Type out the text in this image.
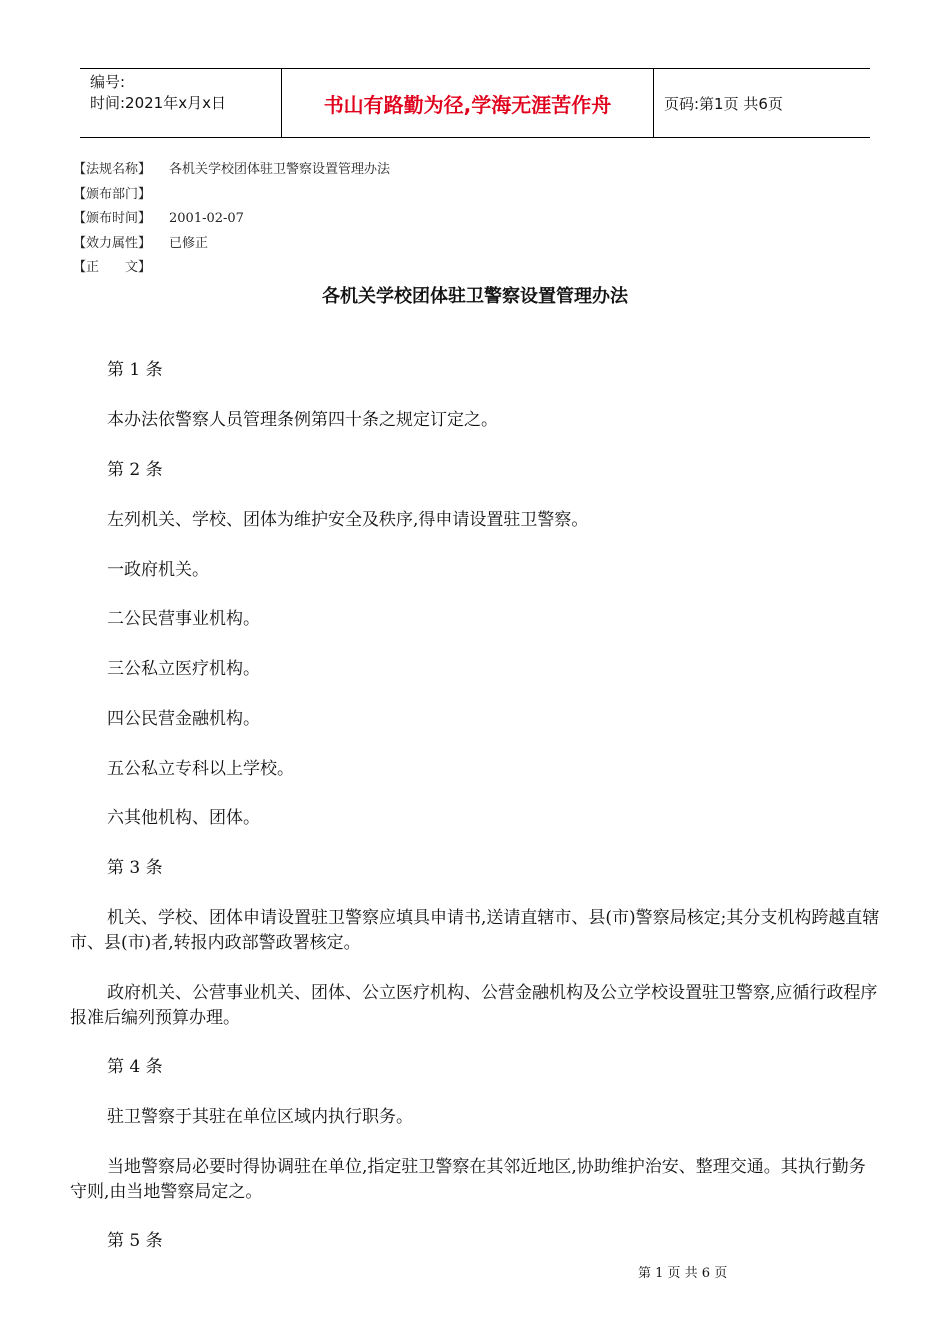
编号:
时间:2021年x月x日	书山有路勤为径,学海无涯苦作舟	页码:第1页 共6页
【法规名称】	各机关学校团体驻卫警察设置管理办法
【颁布部门】
【颁布时间】	2001-02-07
【效力属性】	已修正
【正　　文】
各机关学校团体驻卫警察设置管理办法

第 1 条

本办法依警察人员管理条例第四十条之规定订定之。

第 2 条

左列机关、学校、团体为维护安全及秩序,得申请设置驻卫警察。

一政府机关。

二公民营事业机构。

三公私立医疗机构。

四公民营金融机构。

五公私立专科以上学校。

六其他机构、团体。

第 3 条

机关、学校、团体申请设置驻卫警察应填具申请书,送请直辖市、县(市)警察局核定;其分支机构跨越直辖市、县(市)者,转报内政部警政署核定。

政府机关、公营事业机关、团体、公立医疗机构、公营金融机构及公立学校设置驻卫警察,应循行政程序报准后编列预算办理。

第 4 条

驻卫警察于其驻在单位区域内执行职务。

当地警察局必要时得协调驻在单位,指定驻卫警察在其邻近地区,协助维护治安、整理交通。其执行勤务守则,由当地警察局定之。

第 5 条

第 1 页 共 6 页
